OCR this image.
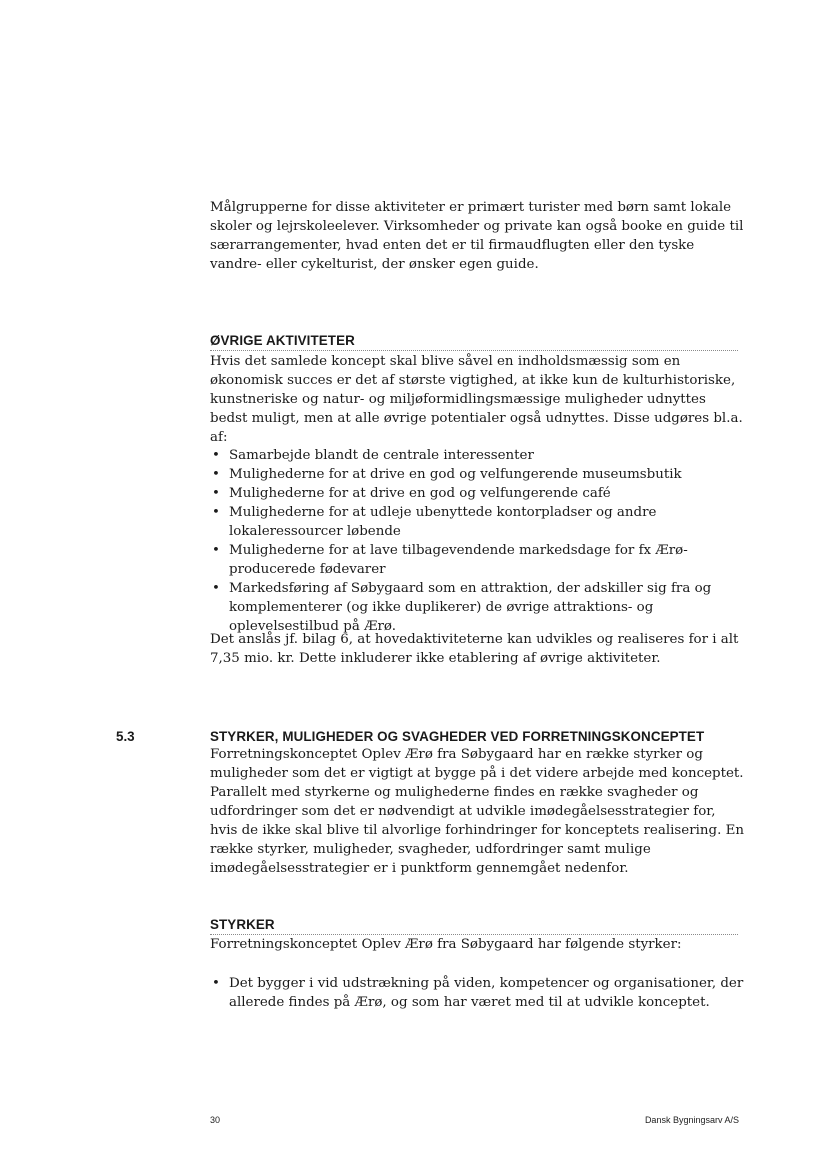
Målgrupperne for disse aktiviteter er primært turister med børn samt lokale skoler og lejrskoleelever. Virksomheder og private kan også booke en guide til særarrangementer, hvad enten det er til firmaudflugten eller den tyske vandre- eller cykelturist, der ønsker egen guide.

ØVRIGE AKTIVITETER

Hvis det samlede koncept skal blive såvel en indholdsmæssig som en økonomisk succes er det af største vigtighed, at ikke kun de kulturhistoriske, kunstneriske og natur- og miljøformidlingsmæssige muligheder udnyttes bedst muligt, men at alle øvrige potentialer også udnyttes. Disse udgøres bl.a. af:

• Samarbejde blandt de centrale interessenter
• Mulighederne for at drive en god og velfungerende museumsbutik
• Mulighederne for at drive en god og velfungerende café
• Mulighederne for at udleje ubenyttede kontorpladser og andre lokaleressourcer løbende
• Mulighederne for at lave tilbagevendende markedsdage for fx Ærø-producerede fødevarer
• Markedsføring af Søbygaard som en attraktion, der adskiller sig fra og komplementerer (og ikke duplikerer) de øvrige attraktions- og oplevelsestilbud på Ærø.

Det anslås jf. bilag 6, at hovedaktiviteterne kan udvikles og realiseres for i alt 7,35 mio. kr. Dette inkluderer ikke etablering af øvrige aktiviteter.

5.3	STYRKER, MULIGHEDER OG SVAGHEDER VED FORRETNINGSKONCEPTET

Forretningskonceptet Oplev Ærø fra Søbygaard har en række styrker og muligheder som det er vigtigt at bygge på i det videre arbejde med konceptet. Parallelt med styrkerne og mulighederne findes en række svagheder og udfordringer som det er nødvendigt at udvikle imødegåelsesstrategier for, hvis de ikke skal blive til alvorlige forhindringer for konceptets realisering. En række styrker, muligheder, svagheder, udfordringer samt mulige imødegåelsesstrategier er i punktform gennemgået nedenfor.

STYRKER

Forretningskonceptet Oplev Ærø fra Søbygaard har følgende styrker:

• Det bygger i vid udstrækning på viden, kompetencer og organisationer, der allerede findes på Ærø, og som har været med til at udvikle konceptet.
30	Dansk Bygningsarv A/S
